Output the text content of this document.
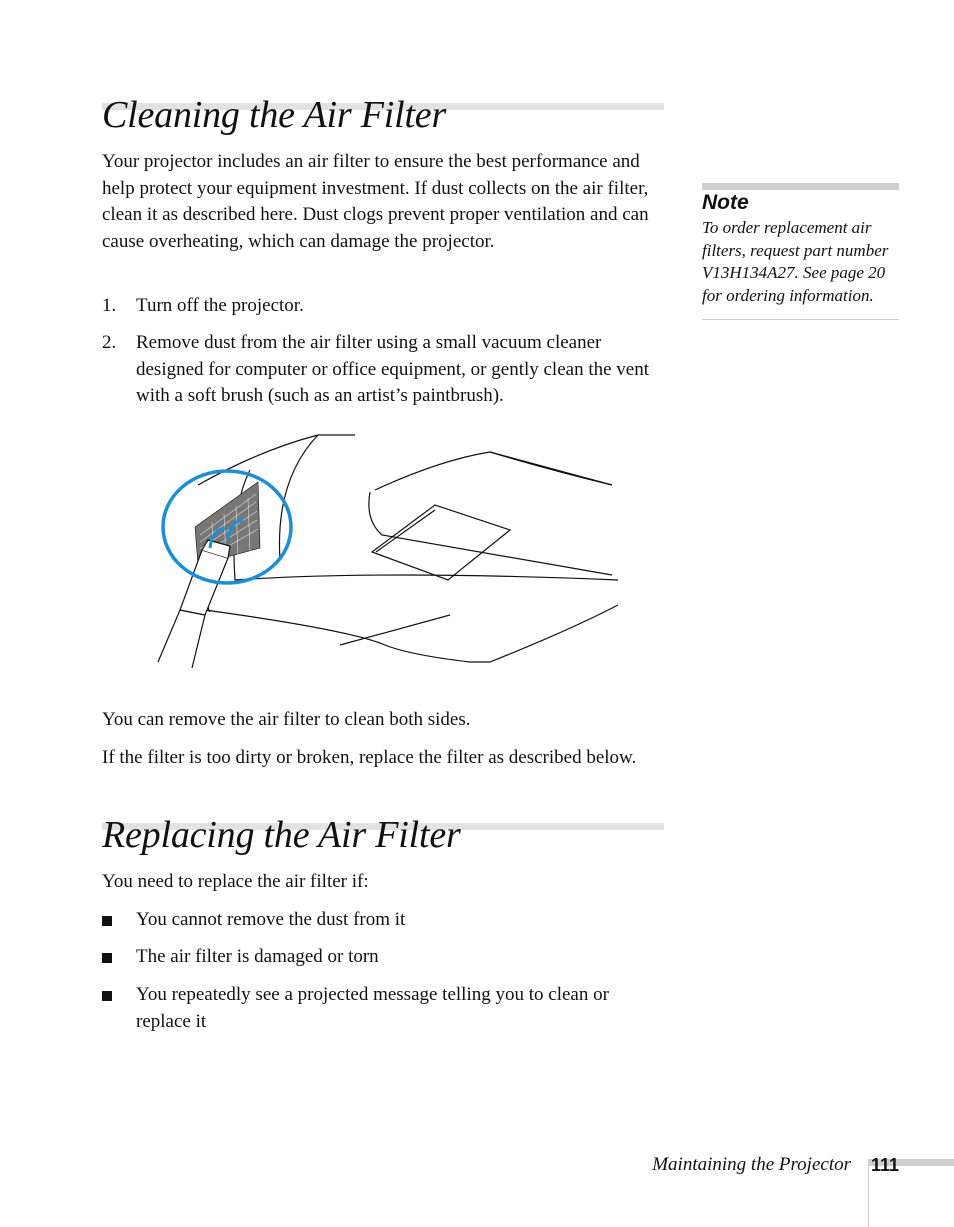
Cleaning the Air Filter
Your projector includes an air filter to ensure the best performance and help protect your equipment investment. If dust collects on the air filter, clean it as described here. Dust clogs prevent proper ventilation and can cause overheating, which can damage the projector.
1. Turn off the projector.
2. Remove dust from the air filter using a small vacuum cleaner designed for computer or office equipment, or gently clean the vent with a soft brush (such as an artist’s paintbrush).
You can remove the air filter to clean both sides.
If the filter is too dirty or broken, replace the filter as described below.
Replacing the Air Filter
You need to replace the air filter if:
You cannot remove the dust from it
The air filter is damaged or torn
You repeatedly see a projected message telling you to clean or replace it
Note
To order replacement air filters, request part number V13H134A27. See page 20 for ordering information.
Maintaining the Projector 111
